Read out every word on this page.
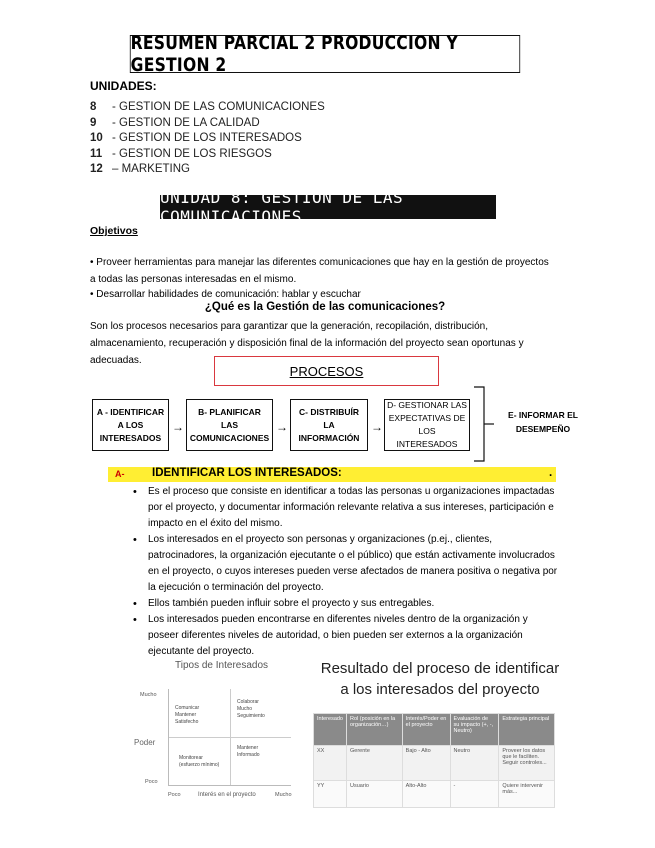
RESUMEN PARCIAL 2 PRODUCCION Y GESTION 2
UNIDADES:
8 - GESTION DE LAS COMUNICACIONES
9 - GESTION DE LA CALIDAD
10 - GESTION DE LOS INTERESADOS
11 - GESTION DE LOS RIESGOS
12 – MARKETING
UNIDAD 8: GESTION DE LAS COMUNICACIONES
Objetivos
• Proveer herramientas para manejar las diferentes comunicaciones que hay en la gestión de proyectos a todas las personas interesadas en el mismo.
• Desarrollar habilidades de comunicación: hablar y escuchar
¿Qué es la Gestión de las comunicaciones?
Son los procesos necesarios para garantizar que la generación, recopilación, distribución, almacenamiento, recuperación y disposición final de la información del proyecto sean oportunas y adecuadas.
PROCESOS
A - IDENTIFICAR A LOS INTERESADOS
→
B- PLANIFICAR LAS COMUNICACIONES
→
C- DISTRIBUÍR LA INFORMACIÓN
→
D- GESTIONAR LAS EXPECTATIVAS DE LOS INTERESADOS
E- INFORMAR EL DESEMPEÑO
A- IDENTIFICAR LOS INTERESADOS:	.
• Es el proceso que consiste en identificar a todas las personas u organizaciones impactadas por el proyecto, y documentar información relevante relativa a sus intereses, participación e impacto en el éxito del mismo.
• Los interesados en el proyecto son personas y organizaciones (p.ej., clientes, patrocinadores, la organización ejecutante o el público) que están activamente involucrados en el proyecto, o cuyos intereses pueden verse afectados de manera positiva o negativa por la ejecución o terminación del proyecto.
• Ellos también pueden influir sobre el proyecto y sus entregables.
• Los interesados pueden encontrarse en diferentes niveles dentro de la organización y poseer diferentes niveles de autoridad, o bien pueden ser externos a la organización ejecutante del proyecto.
Tipos de Interesados
Mucho
Poder
Poco
Comunicar
Mantener
Satisfecho
Colaborar
Mucho
Seguimiento
Monitorear
(esfuerzo mínimo)
Mantener
Informado
Poco	Interés en el proyecto	Mucho
Resultado del proceso de identificar a los interesados del proyecto
Interesado	Rol (posición en la organización…)	Interés/Poder en el proyecto	Evaluación de su impacto (+, -, Neutro)	Estrategia principal
XX	Gerente	Bajo - Alto	Neutro	Proveer los datos que le faciliten. Seguir controles...
YY	Usuario	Alto-Alto	-	Quiere intervenir más...
